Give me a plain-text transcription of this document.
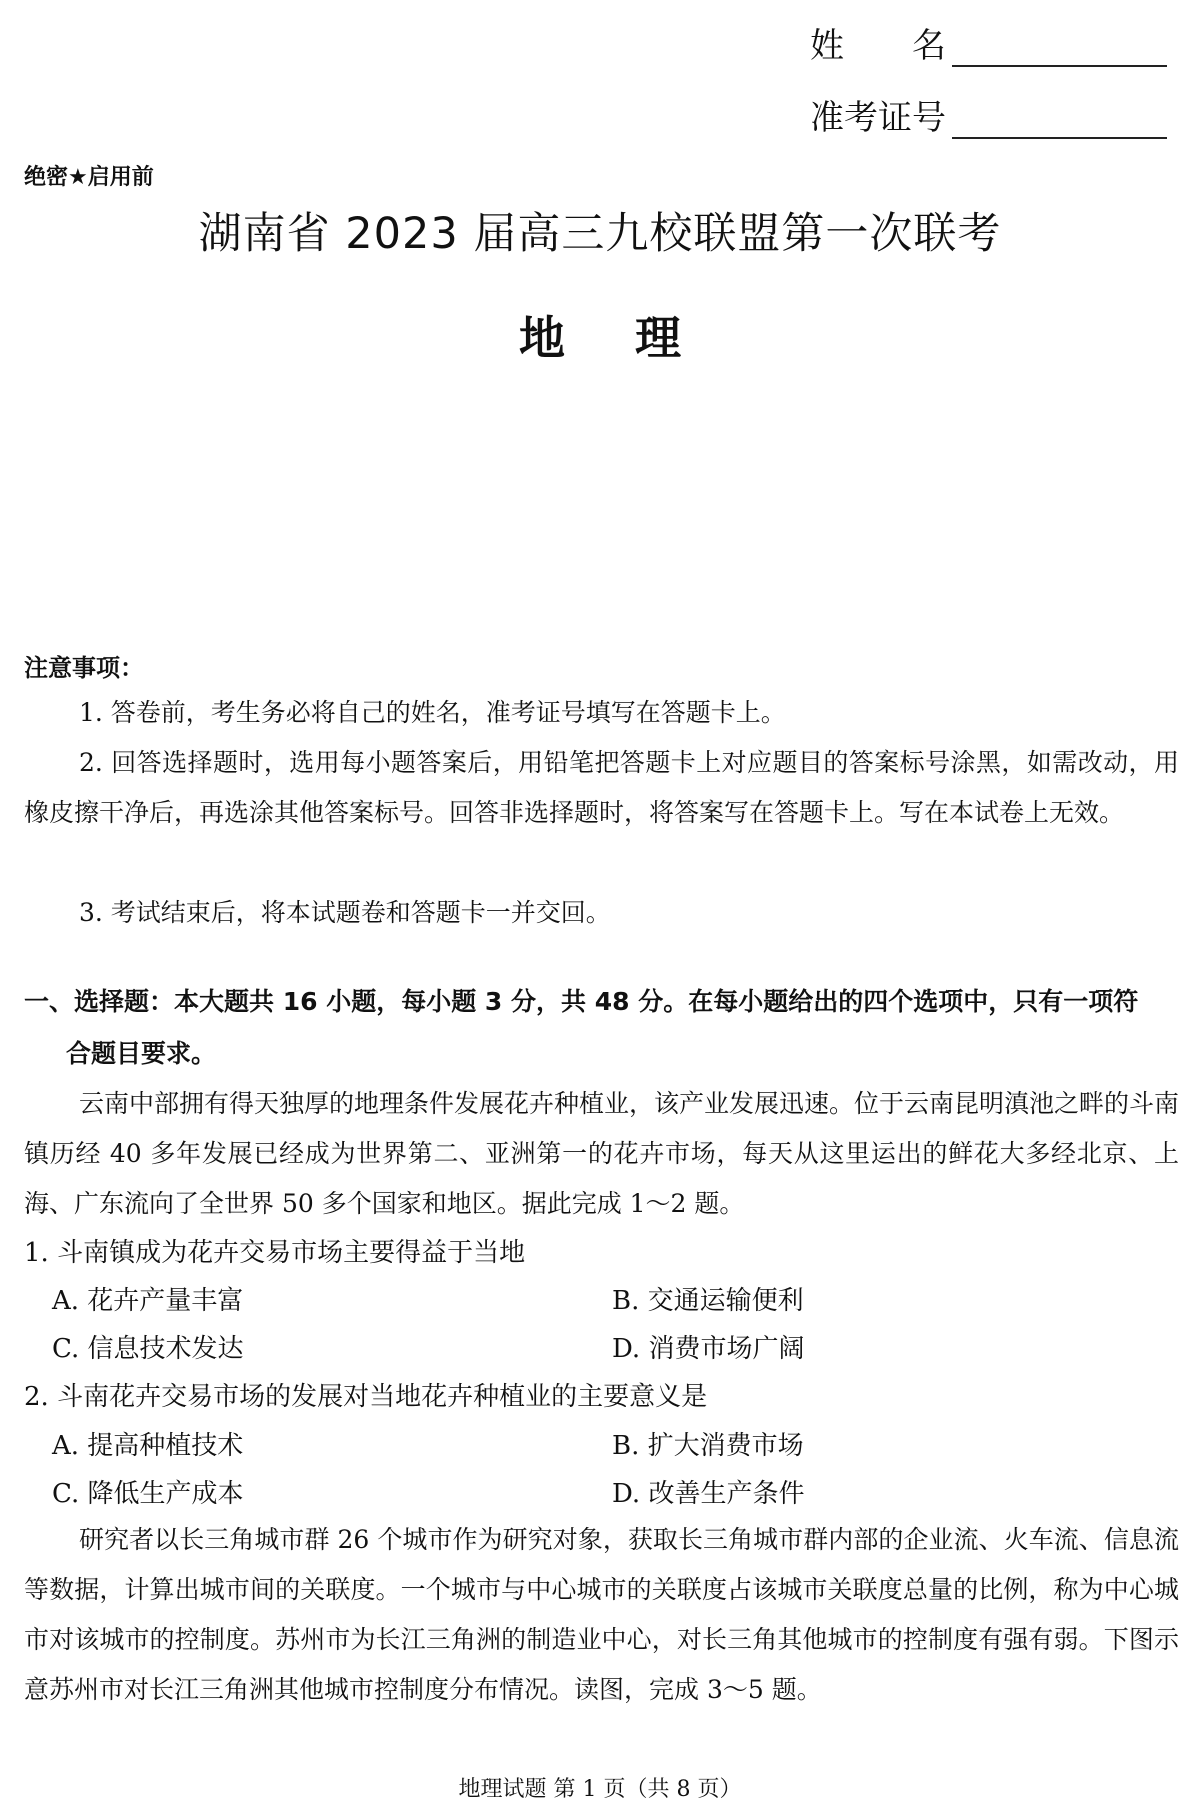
姓　　名
准考证号
绝密★启用前
湖南省 2023 届高三九校联盟第一次联考
地理
注意事项：
1. 答卷前，考生务必将自己的姓名，准考证号填写在答题卡上。
2. 回答选择题时，选用每小题答案后，用铅笔把答题卡上对应题目的答案标号涂黑，如需改动，用橡皮擦干净后，再选涂其他答案标号。回答非选择题时，将答案写在答题卡上。写在本试卷上无效。
3. 考试结束后，将本试题卷和答题卡一并交回。
一、选择题：本大题共 16 小题，每小题 3 分，共 48 分。在每小题给出的四个选项中，只有一项符
合题目要求。
云南中部拥有得天独厚的地理条件发展花卉种植业，该产业发展迅速。位于云南昆明滇池之畔的斗南镇历经 40 多年发展已经成为世界第二、亚洲第一的花卉市场，每天从这里运出的鲜花大多经北京、上海、广东流向了全世界 50 多个国家和地区。据此完成 1～2 题。
1. 斗南镇成为花卉交易市场主要得益于当地
A. 花卉产量丰富	B. 交通运输便利
C. 信息技术发达	D. 消费市场广阔
2. 斗南花卉交易市场的发展对当地花卉种植业的主要意义是
A. 提高种植技术	B. 扩大消费市场
C. 降低生产成本	D. 改善生产条件
研究者以长三角城市群 26 个城市作为研究对象，获取长三角城市群内部的企业流、火车流、信息流等数据，计算出城市间的关联度。一个城市与中心城市的关联度占该城市关联度总量的比例，称为中心城市对该城市的控制度。苏州市为长江三角洲的制造业中心，对长三角其他城市的控制度有强有弱。下图示意苏州市对长江三角洲其他城市控制度分布情况。读图，完成 3～5 题。
地理试题 第 1 页（共 8 页）
